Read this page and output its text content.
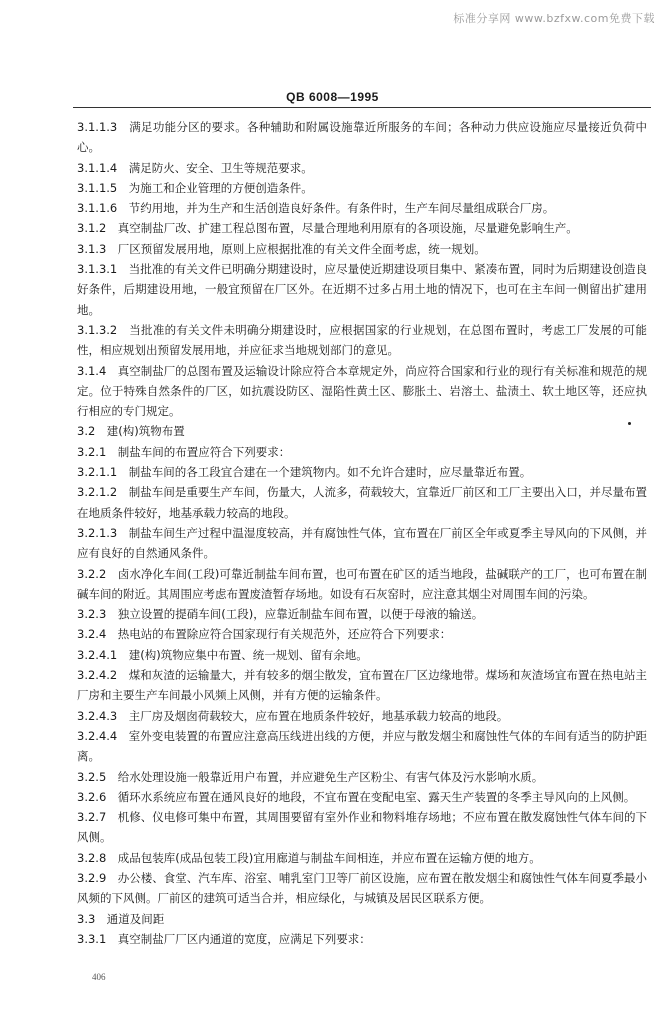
标准分享网 www.bzfxw.com免费下载
QB 6008—1995

3.1.1.3　满足功能分区的要求。各种辅助和附属设施靠近所服务的车间；各种动力供应设施应尽量接近负荷中心。

3.1.1.4　满足防火、安全、卫生等规范要求。

3.1.1.5　为施工和企业管理的方便创造条件。

3.1.1.6　节约用地，并为生产和生活创造良好条件。有条件时，生产车间尽量组成联合厂房。

3.1.2　真空制盐厂改、扩建工程总图布置，尽量合理地利用原有的各项设施，尽量避免影响生产。

3.1.3　厂区预留发展用地，原则上应根据批准的有关文件全面考虑，统一规划。

3.1.3.1　当批准的有关文件已明确分期建设时，应尽量使近期建设项目集中、紧凑布置，同时为后期建设创造良好条件，后期建设用地，一般宜预留在厂区外。在近期不过多占用土地的情况下，也可在主车间一侧留出扩建用地。

3.1.3.2　当批准的有关文件未明确分期建设时，应根据国家的行业规划，在总图布置时，考虑工厂发展的可能性，相应规划出预留发展用地，并应征求当地规划部门的意见。

3.1.4　真空制盐厂的总图布置及运输设计除应符合本章规定外，尚应符合国家和行业的现行有关标准和规范的规定。位于特殊自然条件的厂区，如抗震设防区、湿陷性黄土区、膨胀土、岩溶土、盐渍土、软土地区等，还应执行相应的专门规定。

3.2　建(构)筑物布置

3.2.1　制盐车间的布置应符合下列要求：

3.2.1.1　制盐车间的各工段宜合建在一个建筑物内。如不允许合建时，应尽量靠近布置。

3.2.1.2　制盐车间是重要生产车间，伤量大，人流多，荷载较大，宜靠近厂前区和工厂主要出入口，并尽量布置在地质条件较好，地基承载力较高的地段。

3.2.1.3　制盐车间生产过程中温湿度较高，并有腐蚀性气体，宜布置在厂前区全年或夏季主导风向的下风侧，并应有良好的自然通风条件。

3.2.2　卤水净化车间(工段)可靠近制盐车间布置，也可布置在矿区的适当地段，盐碱联产的工厂，也可布置在制碱车间的附近。其周围应考虑布置废渣暂存场地。如设有石灰窑时，应注意其烟尘对周围车间的污染。

3.2.3　独立设置的提硝车间(工段)，应靠近制盐车间布置，以便于母液的输送。

3.2.4　热电站的布置除应符合国家现行有关规范外，还应符合下列要求：

3.2.4.1　建(构)筑物应集中布置、统一规划、留有余地。

3.2.4.2　煤和灰渣的运输量大，并有较多的烟尘散发，宜布置在厂区边缘地带。煤场和灰渣场宜布置在热电站主厂房和主要生产车间最小风频上风侧，并有方便的运输条件。

3.2.4.3　主厂房及烟囱荷载较大，应布置在地质条件较好，地基承载力较高的地段。

3.2.4.4　室外变电装置的布置应注意高压线进出线的方便，并应与散发烟尘和腐蚀性气体的车间有适当的防护距离。

3.2.5　给水处理设施一般靠近用户布置，并应避免生产区粉尘、有害气体及污水影响水质。

3.2.6　循环水系统应布置在通风良好的地段，不宜布置在变配电室、露天生产装置的冬季主导风向的上风侧。

3.2.7　机修、仪电修可集中布置，其周围要留有室外作业和物料堆存场地；不应布置在散发腐蚀性气体车间的下风侧。

3.2.8　成品包装库(成品包装工段)宜用廊道与制盐车间相连，并应布置在运输方便的地方。

3.2.9　办公楼、食堂、汽车库、浴室、哺乳室门卫等厂前区设施，应布置在散发烟尘和腐蚀性气体车间夏季最小风频的下风侧。厂前区的建筑可适当合并，相应绿化，与城镇及居民区联系方便。

3.3　通道及间距

3.3.1　真空制盐厂厂区内通道的宽度，应满足下列要求：

406
